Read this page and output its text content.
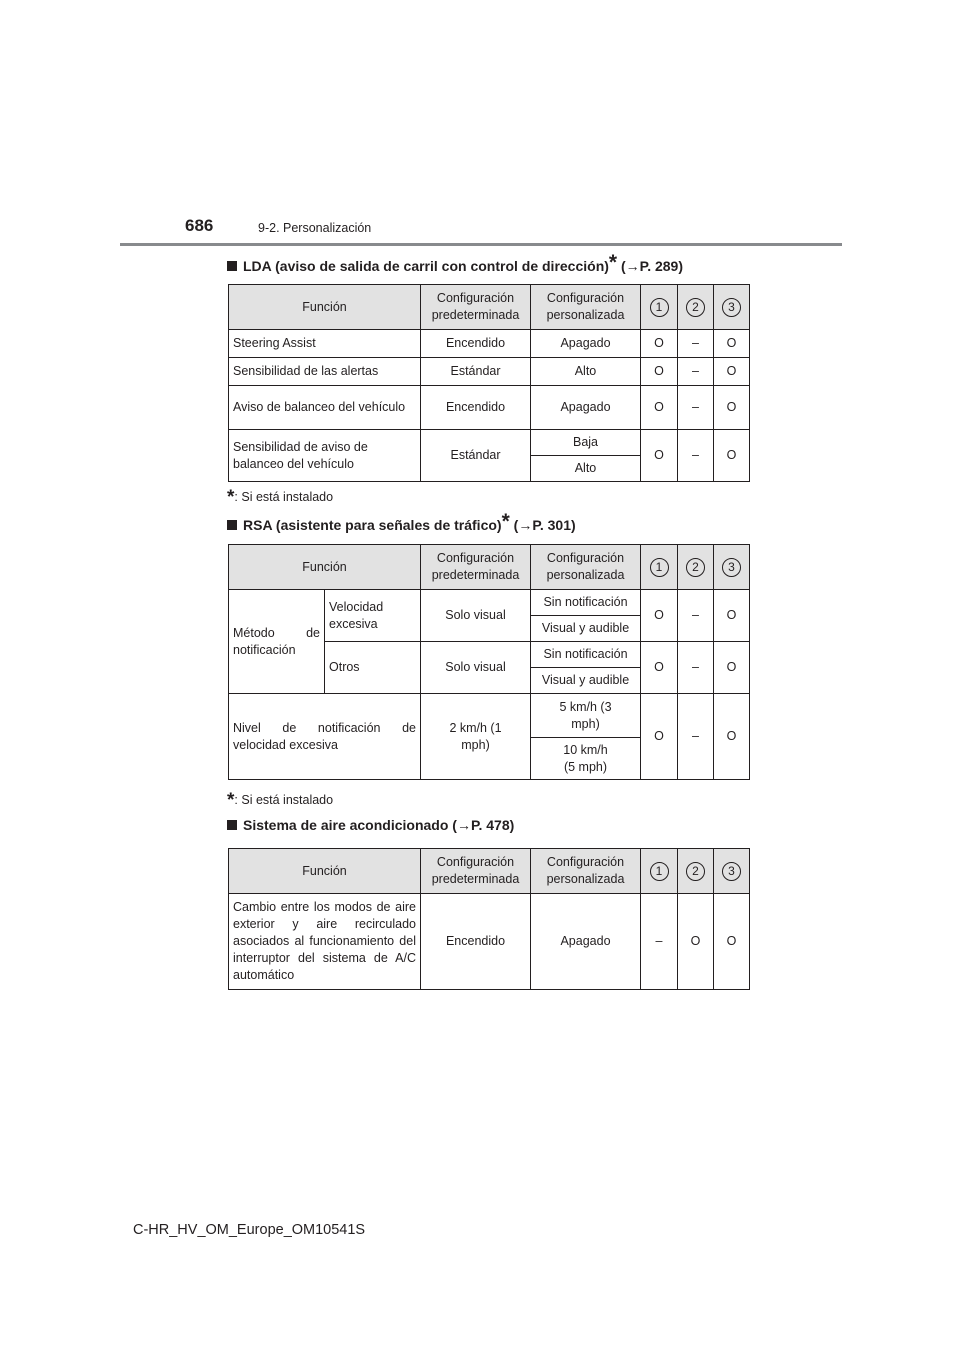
686	9-2. Personalización
LDA (aviso de salida de carril con control de dirección)* (→P. 289)
Función	Configuración predeterminada	Configuración personalizada	1	2	3
Steering Assist	Encendido	Apagado	O	–	O
Sensibilidad de las alertas	Estándar	Alto	O	–	O
Aviso de balanceo del vehículo	Encendido	Apagado	O	–	O
Sensibilidad de aviso de balanceo del vehículo	Estándar	Baja	O	–	O
		Alto			
*: Si está instalado
RSA (asistente para señales de tráfico)* (→P. 301)
Función		Configuración predeterminada	Configuración personalizada	1	2	3
Método de notificación	Velocidad excesiva	Solo visual	Sin notificación	O	–	O
			Visual y audible			
	Otros	Solo visual	Sin notificación	O	–	O
			Visual y audible			
Nivel de notificación de velocidad excesiva		2 km/h (1 mph)	5 km/h (3 mph)	O	–	O
			10 km/h (5 mph)			
*: Si está instalado
Sistema de aire acondicionado (→P. 478)
Función	Configuración predeterminada	Configuración personalizada	1	2	3
Cambio entre los modos de aire exterior y aire recirculado asociados al funcionamiento del interruptor del sistema de A/C automático	Encendido	Apagado	–	O	O
C-HR_HV_OM_Europe_OM10541S
